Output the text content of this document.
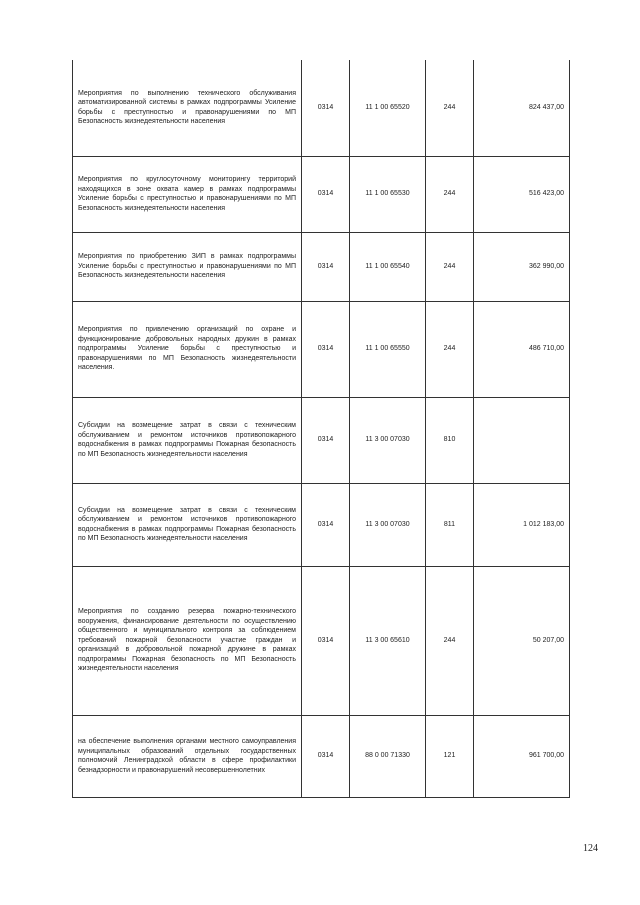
Мероприятия по выполнению технического обслуживания автоматизированной системы в рамках подпрограммы Усиление борьбы с преступностью и правонарушениями по МП Безопасность жизнедеятельности населения	0314	11 1 00 65520	244	824 437,00
Мероприятия по круглосуточному мониторингу территорий находящихся в зоне охвата камер в рамках подпрограммы Усиление борьбы с преступностью и правонарушениями по МП Безопасность жизнедеятельности населения	0314	11 1 00 65530	244	516 423,00
Мероприятия по приобретению ЗИП в рамках подпрограммы Усиление борьбы с преступностью и правонарушениями по МП Безопасность жизнедеятельности населения	0314	11 1 00 65540	244	362 990,00
Мероприятия по привлечению организаций по охране и функционирование добровольных народных дружин в рамках подпрограммы Усиление борьбы с преступностью и правонарушениями по МП Безопасность жизнедеятельности населения.	0314	11 1 00 65550	244	486 710,00
Субсидии на возмещение затрат в связи с техническим обслуживанием и ремонтом источников противопожарного водоснабжения в рамках подпрограммы Пожарная безопасность по МП Безопасность жизнедеятельности населения	0314	11 3 00 07030	810	
Субсидии на возмещение затрат в связи с техническим обслуживанием и ремонтом источников противопожарного водоснабжения в рамках подпрограммы Пожарная безопасность по МП Безопасность жизнедеятельности населения	0314	11 3 00 07030	811	1 012 183,00
Мероприятия по созданию резерва пожарно-технического вооружения, финансирование деятельности по осуществлению общественного и муниципального контроля за соблюдением требований пожарной безопасности участие граждан и организаций в добровольной пожарной дружине в рамках подпрограммы Пожарная безопасность по МП Безопасность жизнедеятельности населения	0314	11 3 00 65610	244	50 207,00
на обеспечение выполнения органами местного самоуправления муниципальных образований отдельных государственных полномочий Ленинградской области в сфере профилактики безнадзорности и правонарушений несовершеннолетних	0314	88 0 00 71330	121	961 700,00
124
